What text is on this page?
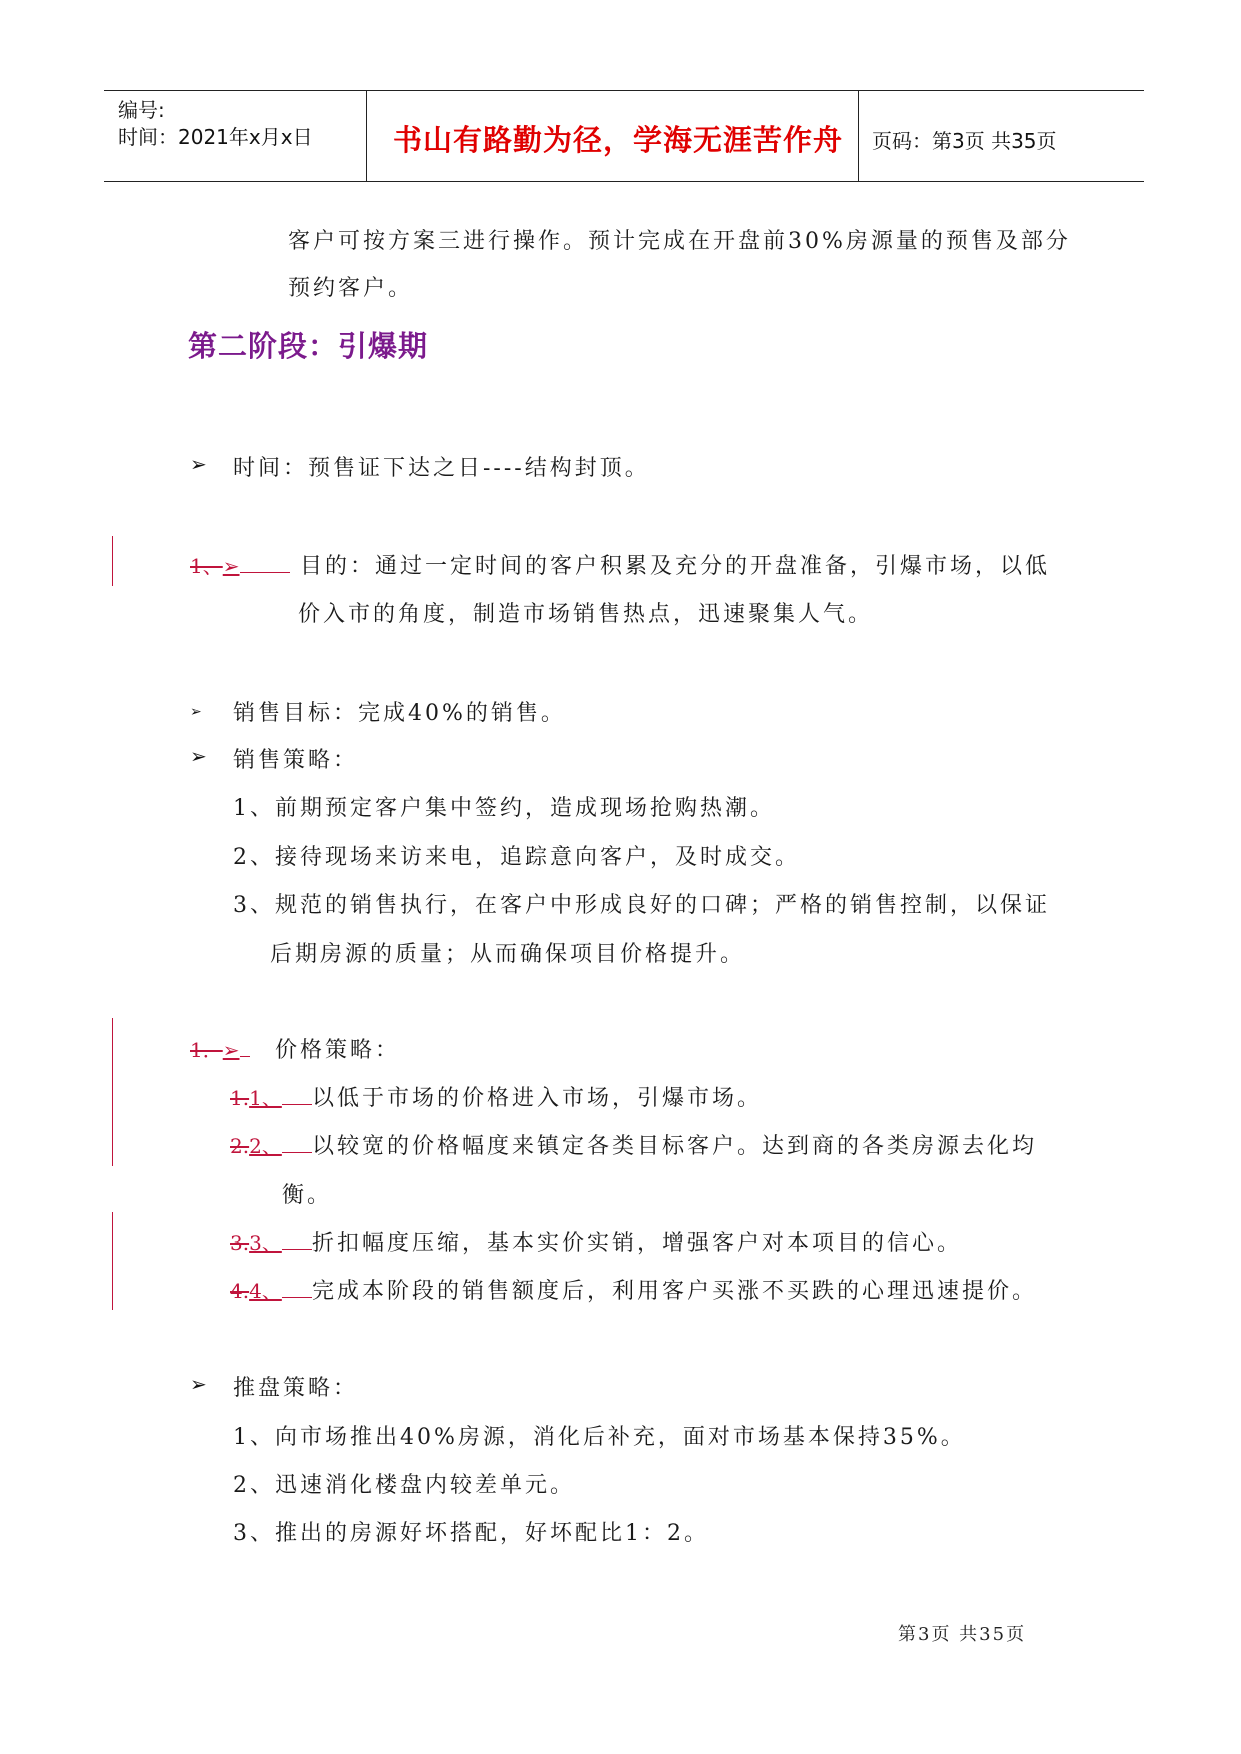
编号:
时间：2021年x月x日	书山有路勤为径，学海无涯苦作舟 页码：第3页 共35页
客户可按方案三进行操作。预计完成在开盘前30%房源量的预售及部分
预约客户。
第二阶段：引爆期
➢ 时间：预售证下达之日----结构封顶。
1、➢	目的：通过一定时间的客户积累及充分的开盘准备，引爆市场，以低
价入市的角度，制造市场销售热点，迅速聚集人气。
➢ 销售目标：完成40%的销售。
➢ 销售策略：
1、前期预定客户集中签约，造成现场抢购热潮。
2、接待现场来访来电，追踪意向客户，及时成交。
3、规范的销售执行，在客户中形成良好的口碑；严格的销售控制，以保证
后期房源的质量；从而确保项目价格提升。
1．➢	价格策略：
1.1、	以低于市场的价格进入市场，引爆市场。
2.2、	以较宽的价格幅度来镇定各类目标客户。达到商的各类房源去化均
衡。
3.3、	折扣幅度压缩，基本实价实销，增强客户对本项目的信心。
4.4、	完成本阶段的销售额度后，利用客户买涨不买跌的心理迅速提价。
➢ 推盘策略：
1、向市场推出40%房源，消化后补充，面对市场基本保持35%。
2、迅速消化楼盘内较差单元。
3、推出的房源好坏搭配，好坏配比1：2。
第3页 共35页
